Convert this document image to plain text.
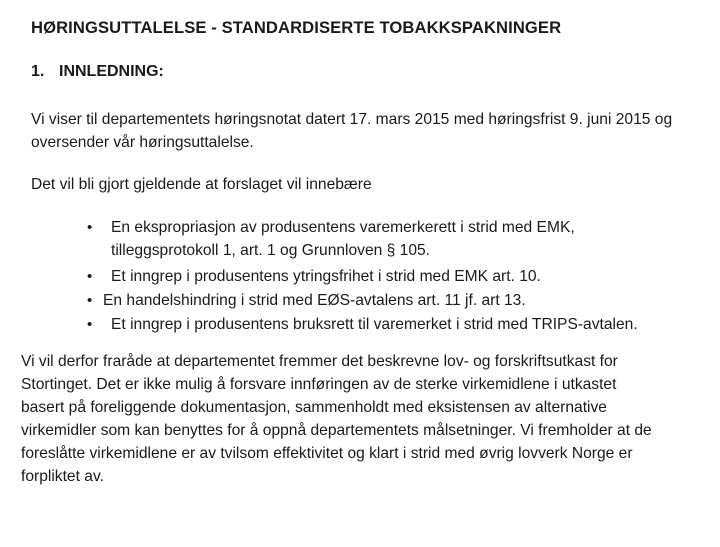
HØRINGSUTTALELSE - STANDARDISERTE TOBAKKSPAKNINGER
1. INNLEDNING:
Vi viser til departementets høringsnotat datert 17. mars 2015 med høringsfrist 9. juni 2015 og
oversender vår høringsuttalelse.
Det vil bli gjort gjeldende at forslaget vil innebære
• En ekspropriasjon av produsentens varemerkerett i strid med EMK,
tilleggsprotokoll 1, art. 1 og Grunnloven § 105.
• Et inngrep i produsentens ytringsfrihet i strid med EMK art. 10.
• En handelshindring i strid med EØS-avtalens art. 11 jf. art 13.
• Et inngrep i produsentens bruksrett til varemerket i strid med TRIPS-avtalen.
Vi vil derfor fraråde at departementet fremmer det beskrevne lov- og forskriftsutkast for
Stortinget. Det er ikke mulig å forsvare innføringen av de sterke virkemidlene i utkastet
basert på foreliggende dokumentasjon, sammenholdt med eksistensen av alternative
virkemidler som kan benyttes for å oppnå departementets målsetninger. Vi fremholder at de
foreslåtte virkemidlene er av tvilsom effektivitet og klart i strid med øvrig lovverk Norge er
forpliktet av.
